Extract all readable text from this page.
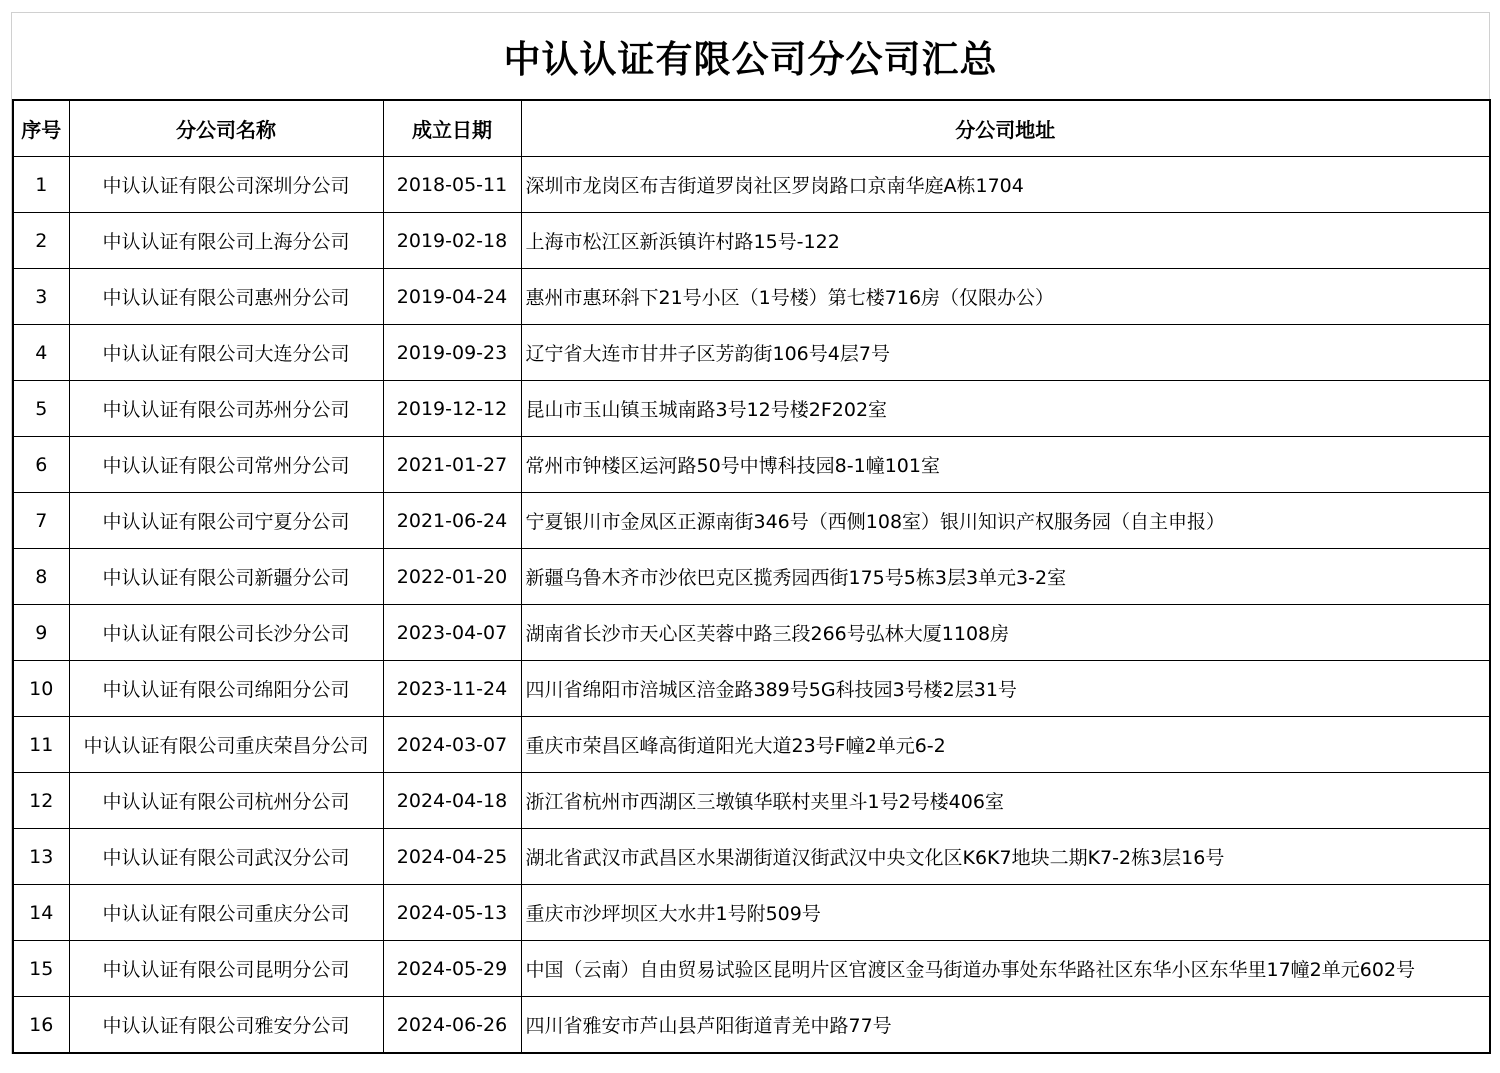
中认认证有限公司分公司汇总
序号	分公司名称	成立日期	分公司地址
1	中认认证有限公司深圳分公司	2018-05-11	深圳市龙岗区布吉街道罗岗社区罗岗路口京南华庭A栋1704
2	中认认证有限公司上海分公司	2019-02-18	上海市松江区新浜镇许村路15号-122
3	中认认证有限公司惠州分公司	2019-04-24	惠州市惠环斜下21号小区（1号楼）第七楼716房（仅限办公）
4	中认认证有限公司大连分公司	2019-09-23	辽宁省大连市甘井子区芳韵街106号4层7号
5	中认认证有限公司苏州分公司	2019-12-12	昆山市玉山镇玉城南路3号12号楼2F202室
6	中认认证有限公司常州分公司	2021-01-27	常州市钟楼区运河路50号中博科技园8-1幢101室
7	中认认证有限公司宁夏分公司	2021-06-24	宁夏银川市金凤区正源南街346号（西侧108室）银川知识产权服务园（自主申报）
8	中认认证有限公司新疆分公司	2022-01-20	新疆乌鲁木齐市沙依巴克区揽秀园西街175号5栋3层3单元3-2室
9	中认认证有限公司长沙分公司	2023-04-07	湖南省长沙市天心区芙蓉中路三段266号弘林大厦1108房
10	中认认证有限公司绵阳分公司	2023-11-24	四川省绵阳市涪城区涪金路389号5G科技园3号楼2层31号
11	中认认证有限公司重庆荣昌分公司	2024-03-07	重庆市荣昌区峰高街道阳光大道23号F幢2单元6-2
12	中认认证有限公司杭州分公司	2024-04-18	浙江省杭州市西湖区三墩镇华联村夹里斗1号2号楼406室
13	中认认证有限公司武汉分公司	2024-04-25	湖北省武汉市武昌区水果湖街道汉街武汉中央文化区K6K7地块二期K7-2栋3层16号
14	中认认证有限公司重庆分公司	2024-05-13	重庆市沙坪坝区大水井1号附509号
15	中认认证有限公司昆明分公司	2024-05-29	中国（云南）自由贸易试验区昆明片区官渡区金马街道办事处东华路社区东华小区东华里17幢2单元602号
16	中认认证有限公司雅安分公司	2024-06-26	四川省雅安市芦山县芦阳街道青羌中路77号
